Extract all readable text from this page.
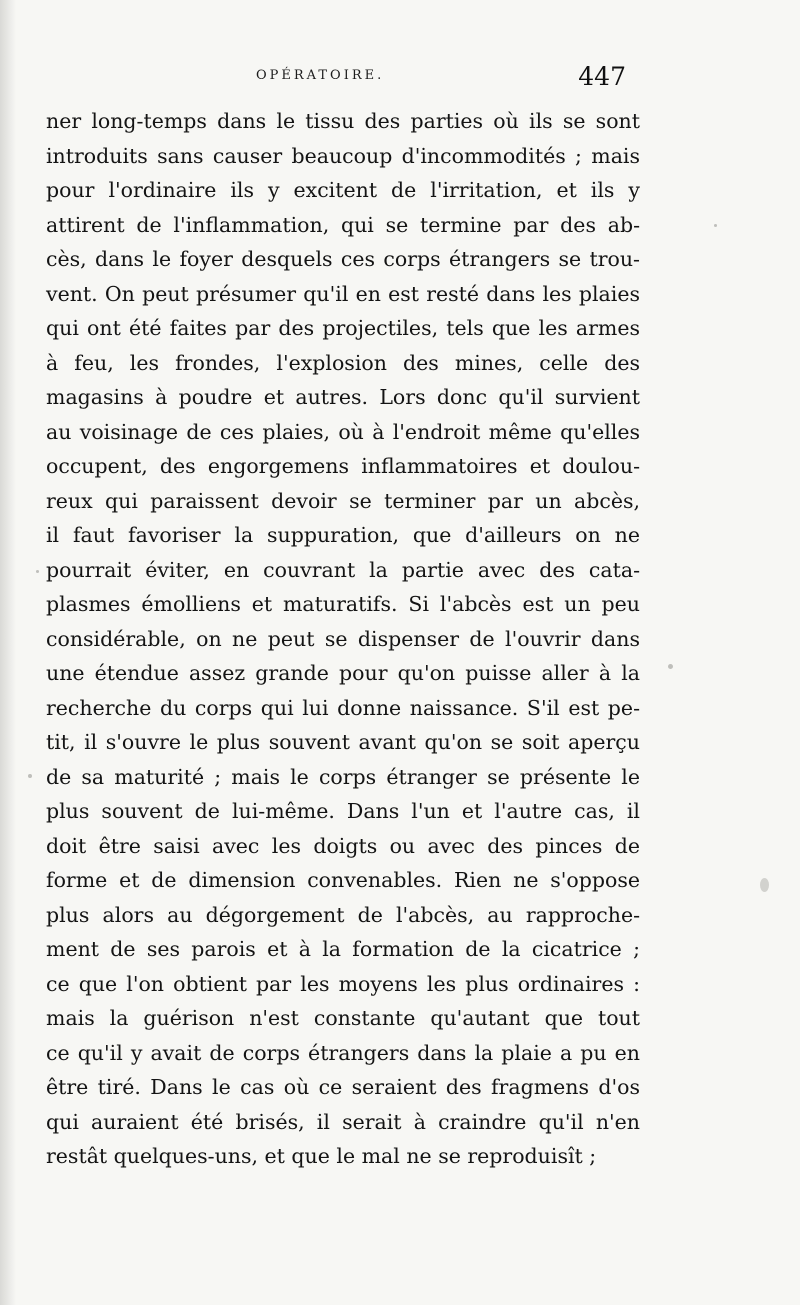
OPÉRATOIRE.	447
ner long-temps dans le tissu des parties où ils se sont
introduits sans causer beaucoup d'incommodités ; mais
pour l'ordinaire ils y excitent de l'irritation, et ils y
attirent de l'inflammation, qui se termine par des ab-
cès, dans le foyer desquels ces corps étrangers se trou-
vent. On peut présumer qu'il en est resté dans les plaies
qui ont été faites par des projectiles, tels que les armes
à feu, les frondes, l'explosion des mines, celle des
magasins à poudre et autres. Lors donc qu'il survient
au voisinage de ces plaies, où à l'endroit même qu'elles
occupent, des engorgemens inflammatoires et doulou-
reux qui paraissent devoir se terminer par un abcès,
il faut favoriser la suppuration, que d'ailleurs on ne
pourrait éviter, en couvrant la partie avec des cata-
plasmes émolliens et maturatifs. Si l'abcès est un peu
considérable, on ne peut se dispenser de l'ouvrir dans
une étendue assez grande pour qu'on puisse aller à la
recherche du corps qui lui donne naissance. S'il est pe-
tit, il s'ouvre le plus souvent avant qu'on se soit aperçu
de sa maturité ; mais le corps étranger se présente le
plus souvent de lui-même. Dans l'un et l'autre cas, il
doit être saisi avec les doigts ou avec des pinces de
forme et de dimension convenables. Rien ne s'oppose
plus alors au dégorgement de l'abcès, au rapproche-
ment de ses parois et à la formation de la cicatrice ;
ce que l'on obtient par les moyens les plus ordinaires :
mais la guérison n'est constante qu'autant que tout
ce qu'il y avait de corps étrangers dans la plaie a pu en
être tiré. Dans le cas où ce seraient des fragmens d'os
qui auraient été brisés, il serait à craindre qu'il n'en
restât quelques-uns, et que le mal ne se reproduisît ;
